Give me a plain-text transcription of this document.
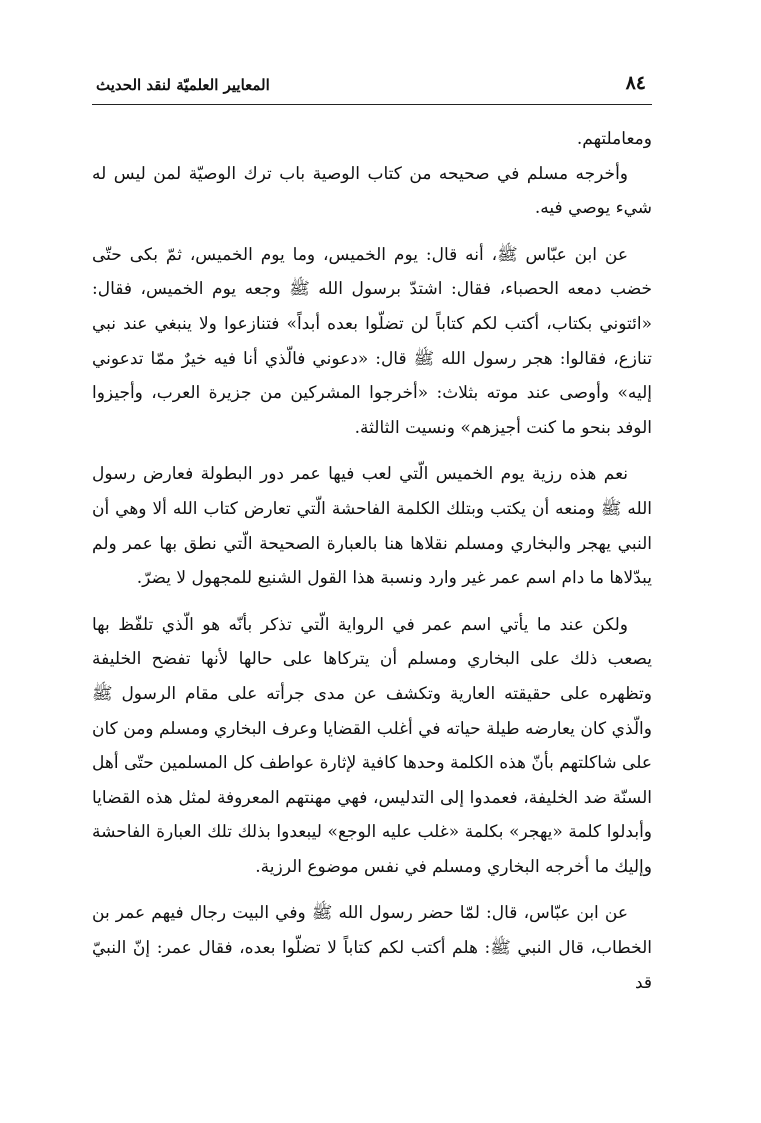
٨٤
المعايير العلميّة لنقد الحديث

ومعاملتهم.

وأخرجه مسلم في صحيحه من كتاب الوصية باب ترك الوصيّة لمن ليس له شيء يوصي فيه.

عن ابن عبّاس ﷺ، أنه قال: يوم الخميس، وما يوم الخميس، ثمّ بكى حتّى خضب دمعه الحصباء، فقال: اشتدّ برسول الله ﷺ وجعه يوم الخميس، فقال: «ائتوني بكتاب، أكتب لكم كتاباً لن تضلّوا بعده أبداً» فتنازعوا ولا ينبغي عند نبي تنازع، فقالوا: هجر رسول الله ﷺ قال: «دعوني فالّذي أنا فيه خيرٌ ممّا تدعوني إليه» وأوصى عند موته بثلاث: «أخرجوا المشركين من جزيرة العرب، وأجيزوا الوفد بنحو ما كنت أجيزهم» ونسيت الثالثة.

نعم هذه رزية يوم الخميس الّتي لعب فيها عمر دور البطولة فعارض رسول الله ﷺ ومنعه أن يكتب وبتلك الكلمة الفاحشة الّتي تعارض كتاب الله ألا وهي أن النبي يهجر والبخاري ومسلم نقلاها هنا بالعبارة الصحيحة الّتي نطق بها عمر ولم يبدّلاها ما دام اسم عمر غير وارد ونسبة هذا القول الشنيع للمجهول لا يضرّ.

ولكن عند ما يأتي اسم عمر في الرواية الّتي تذكر بأنّه هو الّذي تلفّظ بها يصعب ذلك على البخاري ومسلم أن يتركاها على حالها لأنها تفضح الخليفة وتظهره على حقيقته العارية وتكشف عن مدى جرأته على مقام الرسول ﷺ والّذي كان يعارضه طيلة حياته في أغلب القضايا وعرف البخاري ومسلم ومن كان على شاكلتهم بأنّ هذه الكلمة وحدها كافية لإثارة عواطف كل المسلمين حتّى أهل السنّة ضد الخليفة، فعمدوا إلى التدليس، فهي مهنتهم المعروفة لمثل هذه القضايا وأبدلوا كلمة «يهجر» بكلمة «غلب عليه الوجع» ليبعدوا بذلك تلك العبارة الفاحشة وإليك ما أخرجه البخاري ومسلم في نفس موضوع الرزية.

عن ابن عبّاس، قال: لمّا حضر رسول الله ﷺ وفي البيت رجال فيهم عمر بن الخطاب، قال النبي ﷺ: هلم أكتب لكم كتاباً لا تضلّوا بعده، فقال عمر: إنّ النبيّ قد
